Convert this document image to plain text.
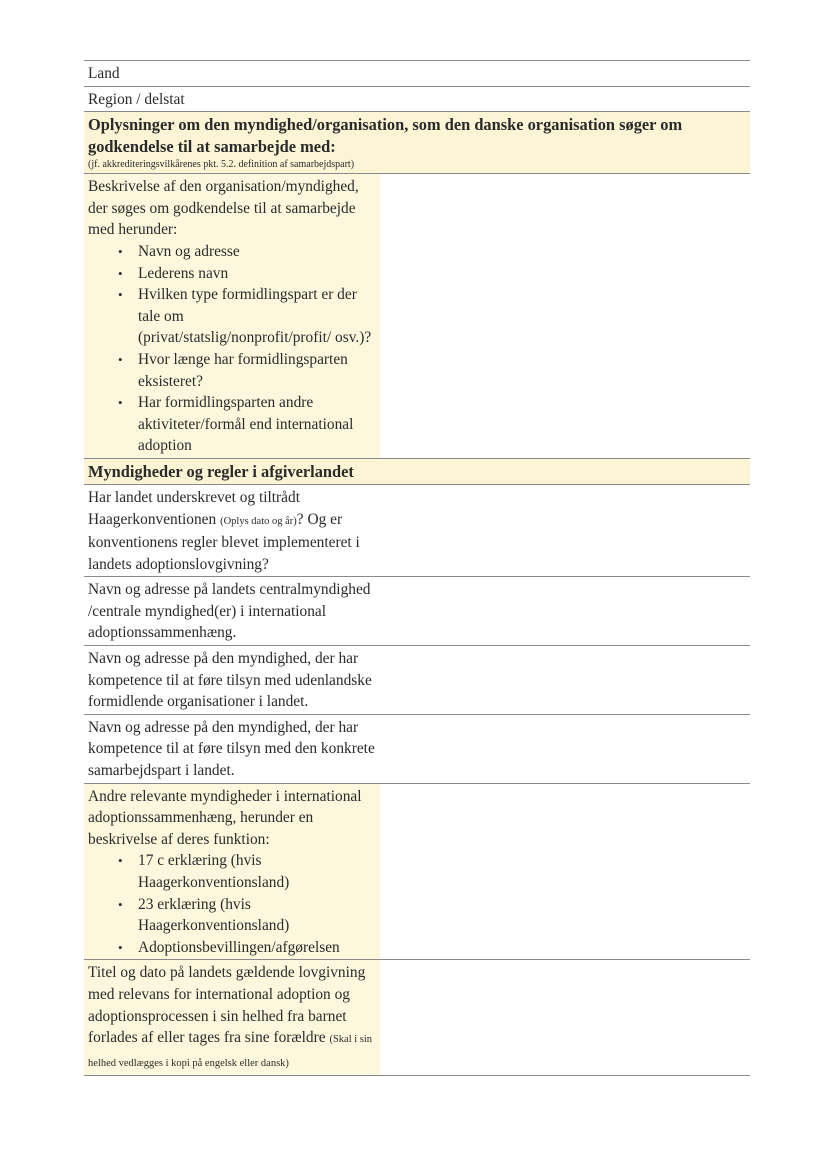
Land
Region / delstat
Oplysninger om den myndighed/organisation, som den danske organisation søger om godkendelse til at samarbejde med:
(jf. akkrediteringsvilkårenes pkt. 5.2. definition af samarbejdspart)
Beskrivelse af den organisation/myndighed, der søges om godkendelse til at samarbejde med herunder:
• Navn og adresse
• Lederens navn
• Hvilken type formidlingspart er der tale om (privat/statslig/nonprofit/profit/ osv.)?
• Hvor længe har formidlingsparten eksisteret?
• Har formidlingsparten andre aktiviteter/formål end international adoption
Myndigheder og regler i afgiverlandet
Har landet underskrevet og tiltrådt Haagerkonventionen (Oplys dato og år)? Og er konventionens regler blevet implementeret i landets adoptionslovgivning?
Navn og adresse på landets centralmyndighed /centrale myndighed(er) i international adoptionssammenhæng.
Navn og adresse på den myndighed, der har kompetence til at føre tilsyn med udenlandske formidlende organisationer i landet.
Navn og adresse på den myndighed, der har kompetence til at føre tilsyn med den konkrete samarbejdspart i landet.
Andre relevante myndigheder i international adoptionssammenhæng, herunder en beskrivelse af deres funktion:
• 17 c erklæring (hvis Haagerkonventionsland)
• 23 erklæring (hvis Haagerkonventionsland)
• Adoptionsbevillingen/afgørelsen
Titel og dato på landets gældende lovgivning med relevans for international adoption og adoptionsprocessen i sin helhed fra barnet forlades af eller tages fra sine forældre (Skal i sin helhed vedlægges i kopi på engelsk eller dansk)
